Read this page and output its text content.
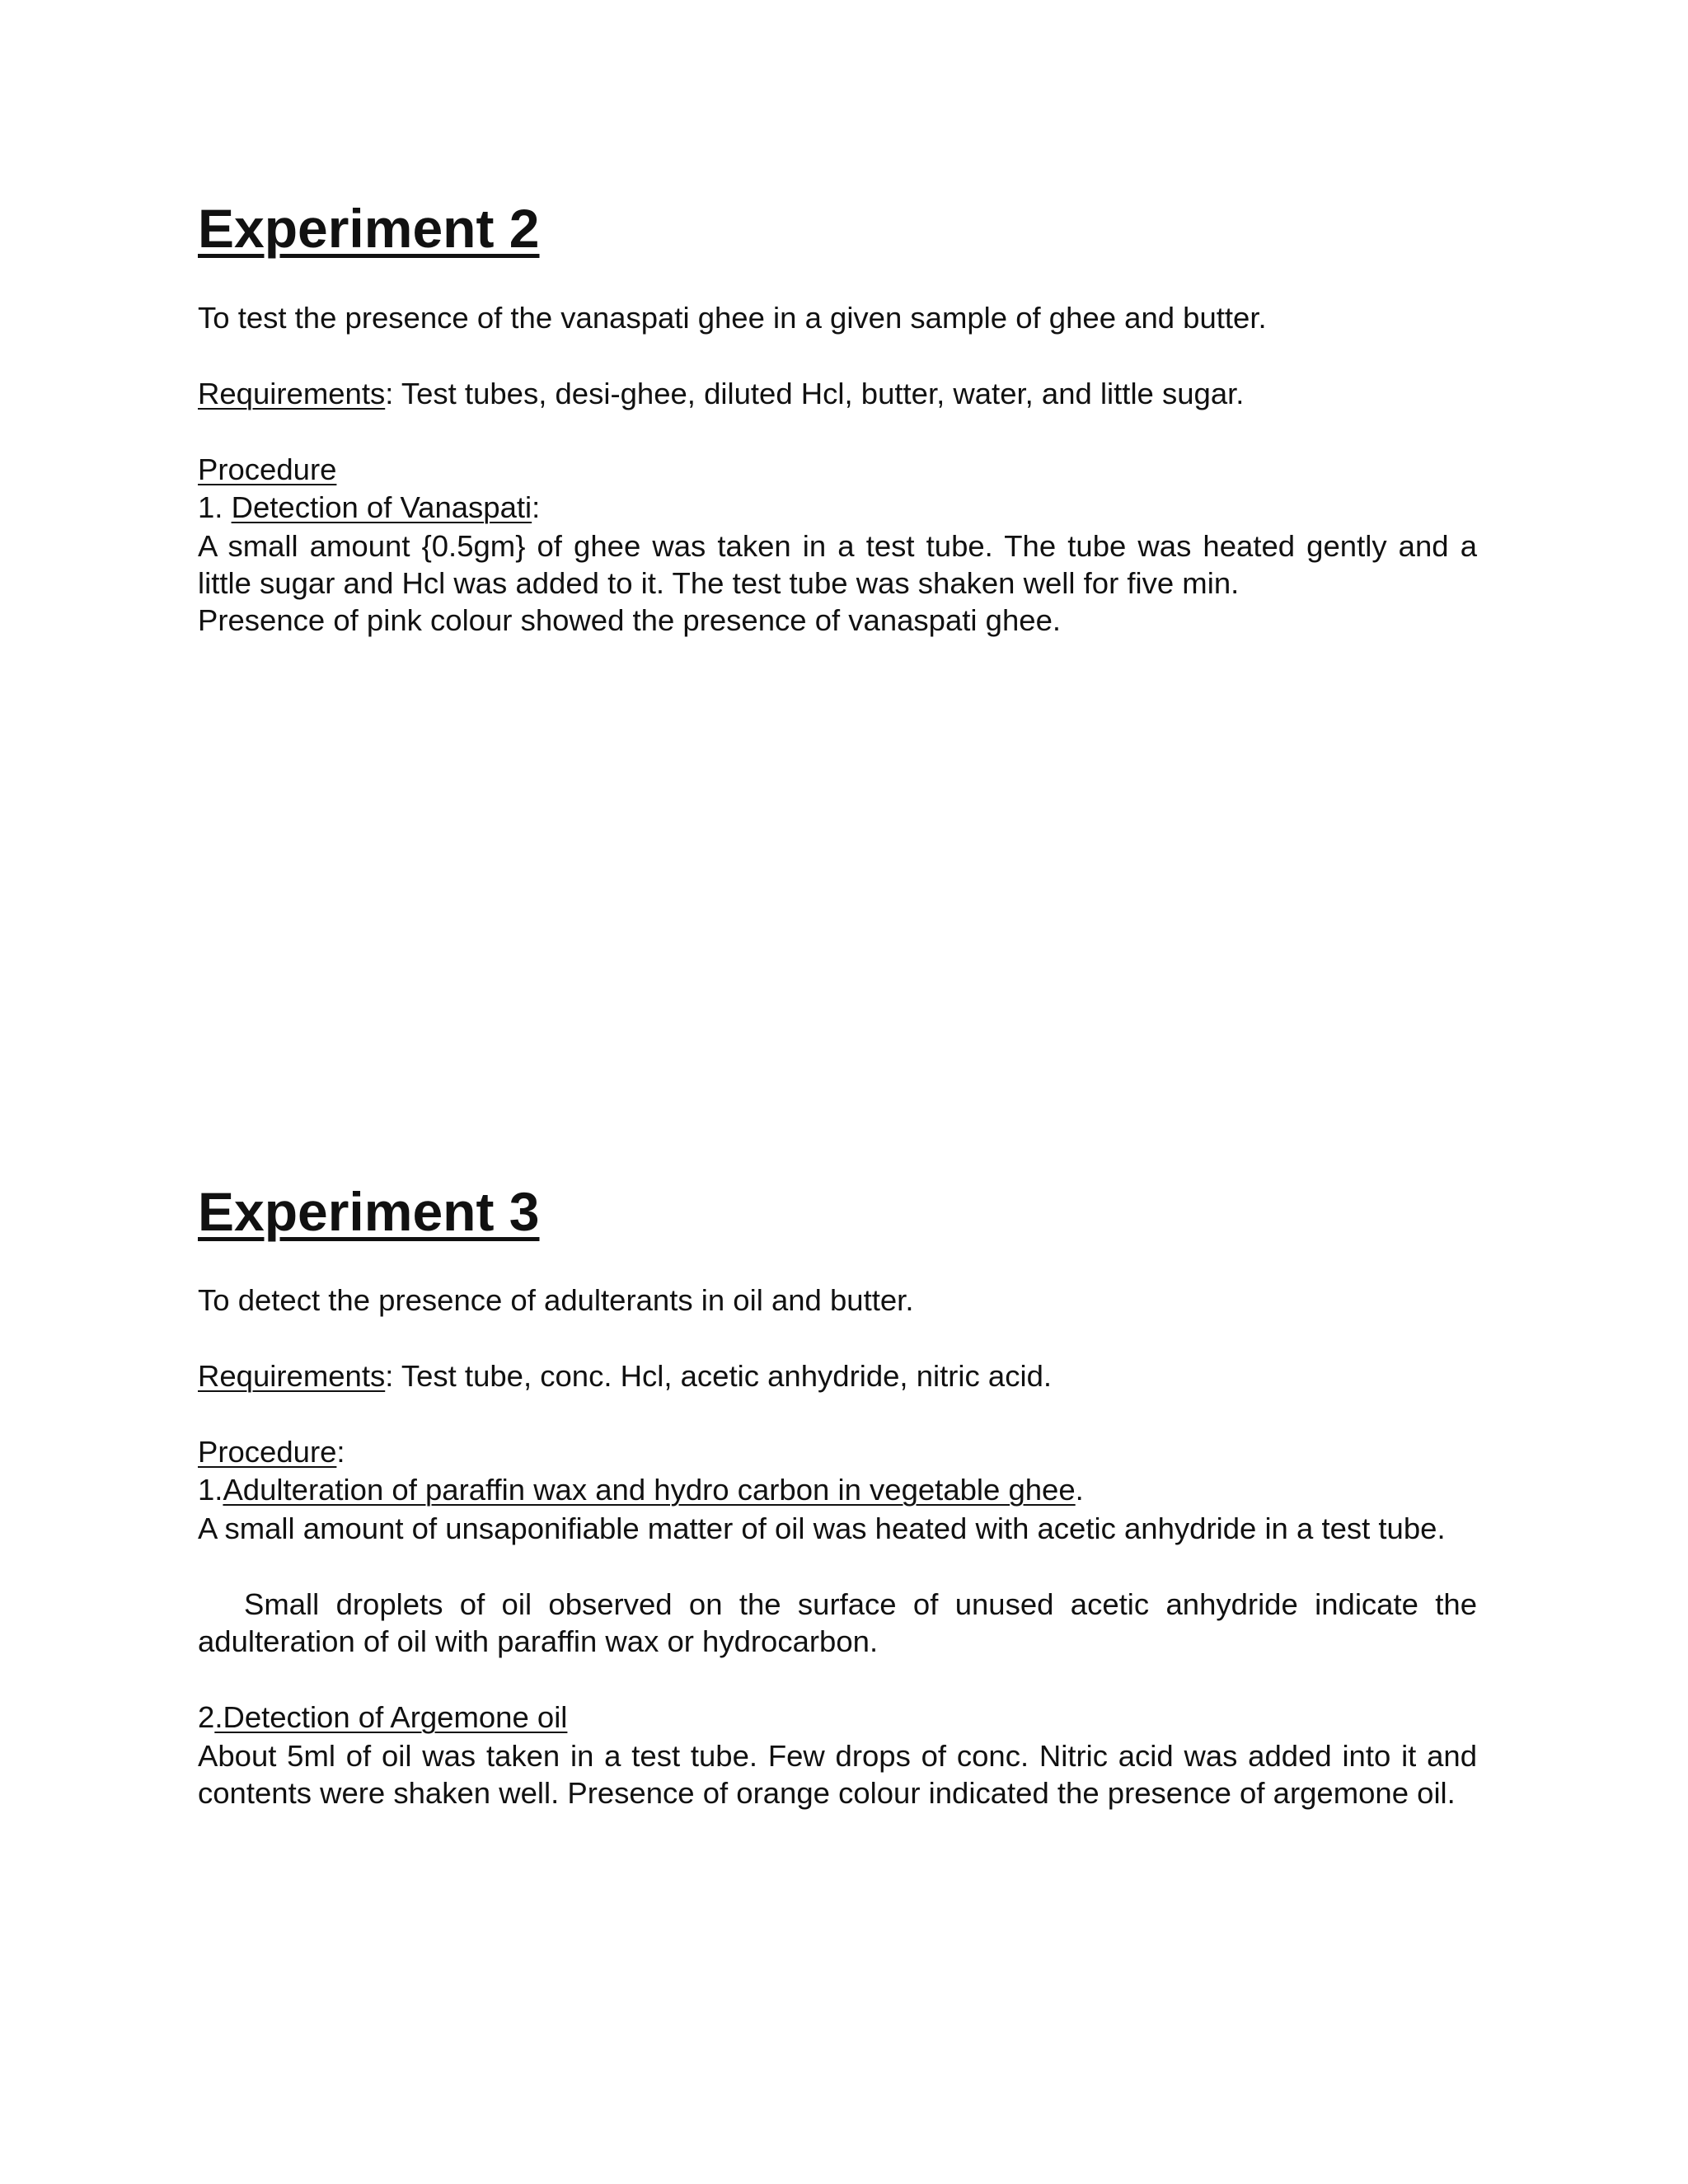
Experiment 2
To test the presence of the vanaspati ghee in a given sample of ghee and butter.
Requirements: Test tubes, desi-ghee, diluted Hcl, butter, water, and little sugar.
Procedure
1. Detection of Vanaspati:
A small amount {0.5gm} of ghee was taken in a test tube. The tube was heated gently and a little sugar and Hcl was added to it. The test tube was shaken well for five min.
Presence of pink colour showed the presence of vanaspati ghee.
Experiment 3
To detect the presence of adulterants in oil and butter.
Requirements: Test tube, conc. Hcl, acetic anhydride, nitric acid.
Procedure:
1.Adulteration of paraffin wax and hydro carbon in vegetable ghee.
A small amount of unsaponifiable matter of oil was heated with acetic anhydride in a test tube.
Small droplets of oil observed on the surface of unused acetic anhydride indicate the adulteration of oil with paraffin wax or hydrocarbon.
2.Detection of Argemone oil
About 5ml of oil was taken in a test tube. Few drops of conc. Nitric acid was added into it and contents were shaken well. Presence of orange colour indicated the presence of argemone oil.
